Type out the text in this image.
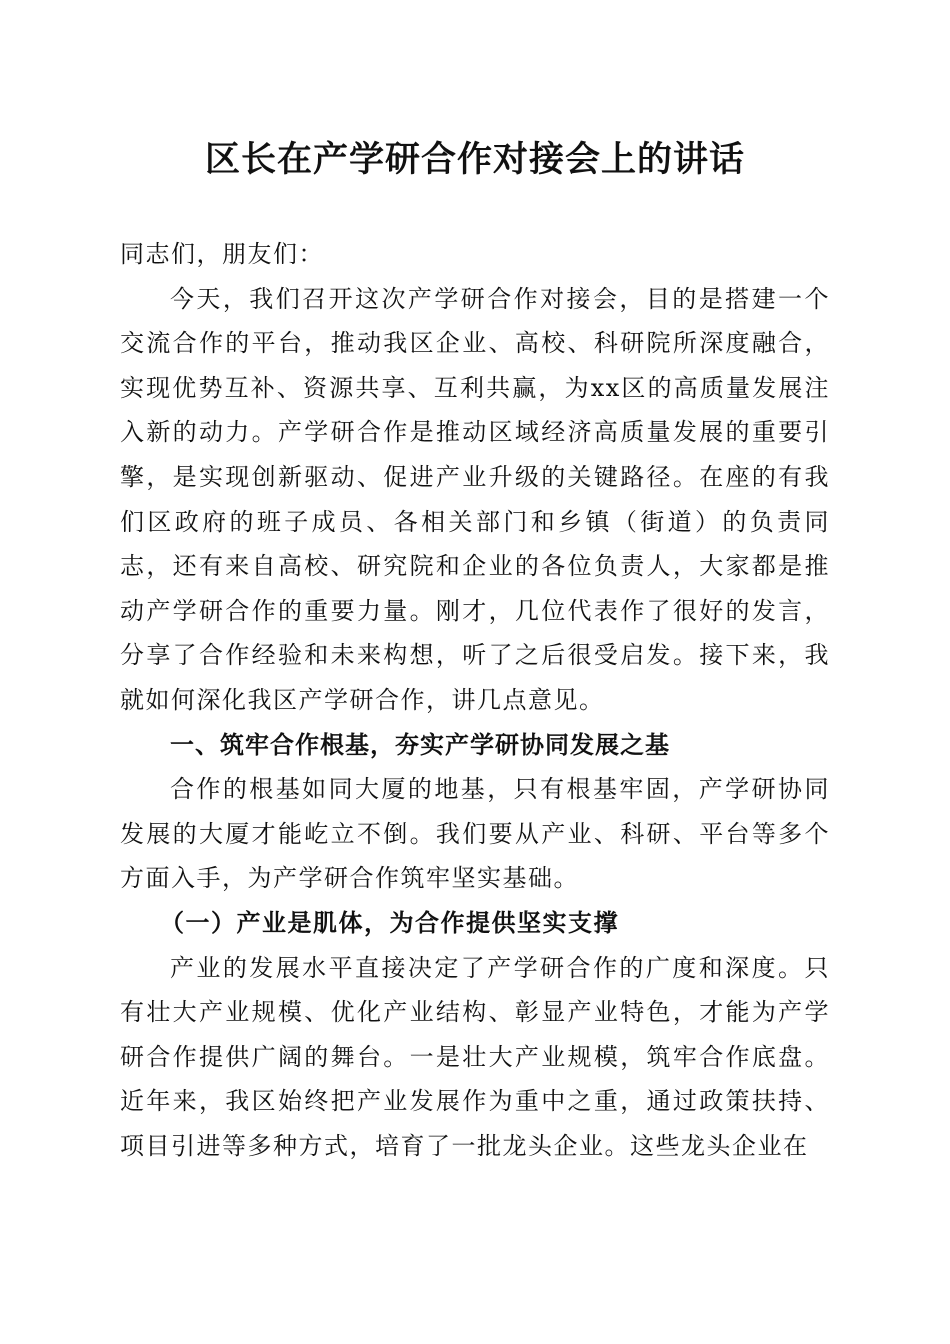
区长在产学研合作对接会上的讲话

同志们，朋友们：

今天，我们召开这次产学研合作对接会，目的是搭建一个交流合作的平台，推动我区企业、高校、科研院所深度融合，实现优势互补、资源共享、互利共赢，为xx区的高质量发展注入新的动力。产学研合作是推动区域经济高质量发展的重要引擎，是实现创新驱动、促进产业升级的关键路径。在座的有我们区政府的班子成员、各相关部门和乡镇（街道）的负责同志，还有来自高校、研究院和企业的各位负责人，大家都是推动产学研合作的重要力量。刚才，几位代表作了很好的发言，分享了合作经验和未来构想，听了之后很受启发。接下来，我就如何深化我区产学研合作，讲几点意见。

一、筑牢合作根基，夯实产学研协同发展之基

合作的根基如同大厦的地基，只有根基牢固，产学研协同发展的大厦才能屹立不倒。我们要从产业、科研、平台等多个方面入手，为产学研合作筑牢坚实基础。

（一）产业是肌体，为合作提供坚实支撑

产业的发展水平直接决定了产学研合作的广度和深度。只有壮大产业规模、优化产业结构、彰显产业特色，才能为产学研合作提供广阔的舞台。一是壮大产业规模，筑牢合作底盘。近年来，我区始终把产业发展作为重中之重，通过政策扶持、项目引进等多种方式，培育了一批龙头企业。这些龙头企业在
